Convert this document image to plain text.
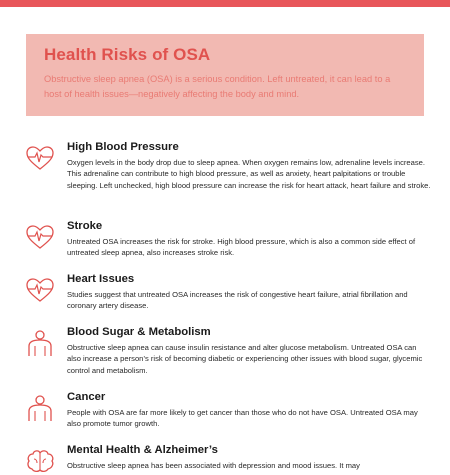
Health Risks of OSA

Obstructive sleep apnea (OSA) is a serious condition. Left untreated, it can lead to a host of health issues—negatively affecting the body and mind.

High Blood Pressure

Oxygen levels in the body drop due to sleep apnea. When oxygen remains low, adrenaline levels increase. This adrenaline can contribute to high blood pressure, as well as anxiety, heart palpitations or trouble sleeping. Left unchecked, high blood pressure can increase the risk for heart attack, heart failure and stroke.

Stroke

Untreated OSA increases the risk for stroke. High blood pressure, which is also a common side effect of untreated sleep apnea, also increases stroke risk.

Heart Issues

Studies suggest that untreated OSA increases the risk of congestive heart failure, atrial fibrillation and coronary artery disease.

Blood Sugar & Metabolism

Obstructive sleep apnea can cause insulin resistance and alter glucose metabolism. Untreated OSA can also increase a person’s risk of becoming diabetic or experiencing other issues with blood sugar, glycemic control and metabolism.

Cancer

People with OSA are far more likely to get cancer than those who do not have OSA. Untreated OSA may also promote tumor growth.

Mental Health & Alzheimer’s

Obstructive sleep apnea has been associated with depression and mood issues. It may
